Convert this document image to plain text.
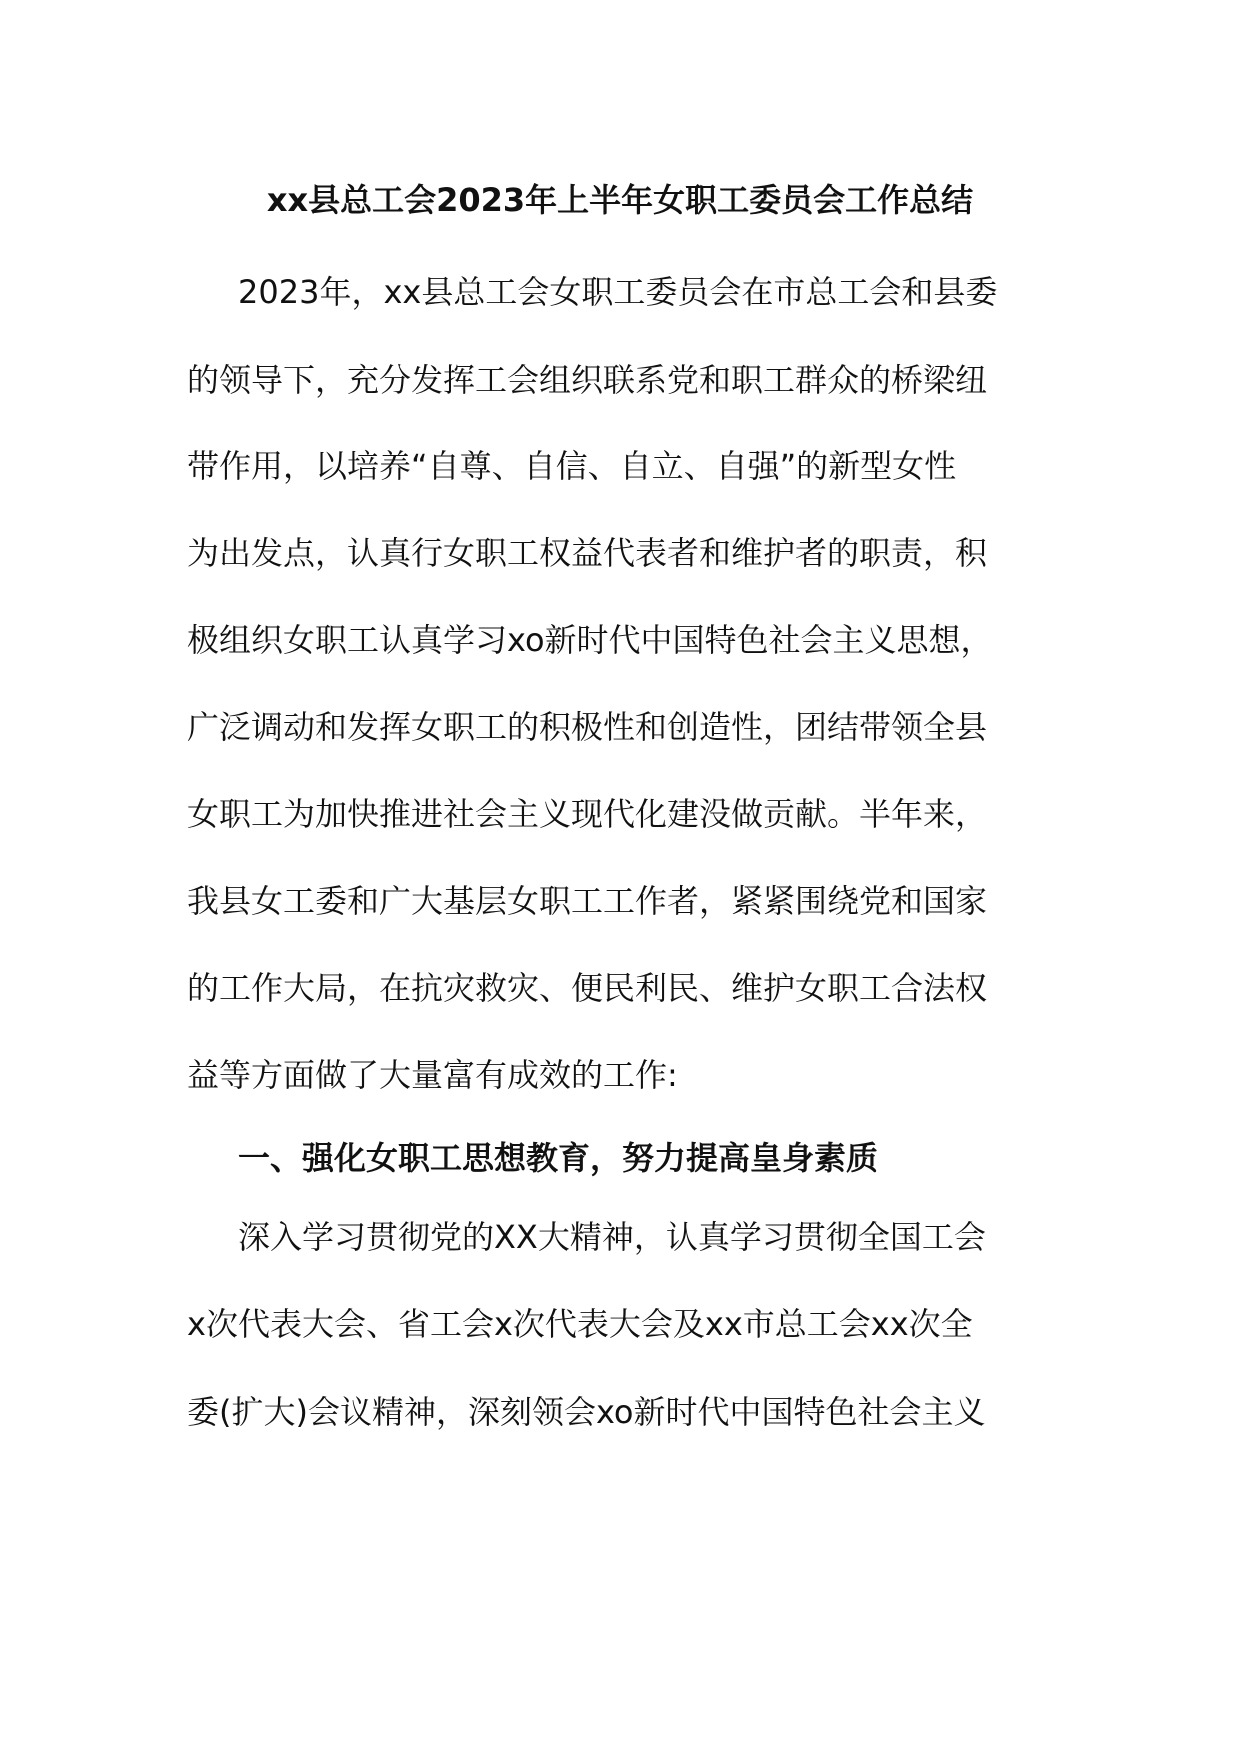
xx县总工会2023年上半年女职工委员会工作总结
2023年，xx县总工会女职工委员会在市总工会和县委
的领导下，充分发挥工会组织联系党和职工群众的桥梁纽
带作用，以培养“自尊、自信、自立、自强”的新型女性
为出发点，认真行女职工权益代表者和维护者的职责，积
极组织女职工认真学习xo新时代中国特色社会主义思想，
广泛调动和发挥女职工的积极性和创造性，团结带领全县
女职工为加快推进社会主义现代化建没做贡献。半年来，
我县女工委和广大基层女职工工作者，紧紧围绕党和国家
的工作大局，在抗灾救灾、便民利民、维护女职工合法权
益等方面做了大量富有成效的工作:
一、强化女职工思想教育，努力提高皇身素质
深入学习贯彻党的XX大精神，认真学习贯彻全国工会
x次代表大会、省工会x次代表大会及xx市总工会xx次全
委(扩大)会议精神，深刻领会xo新时代中国特色社会主义
